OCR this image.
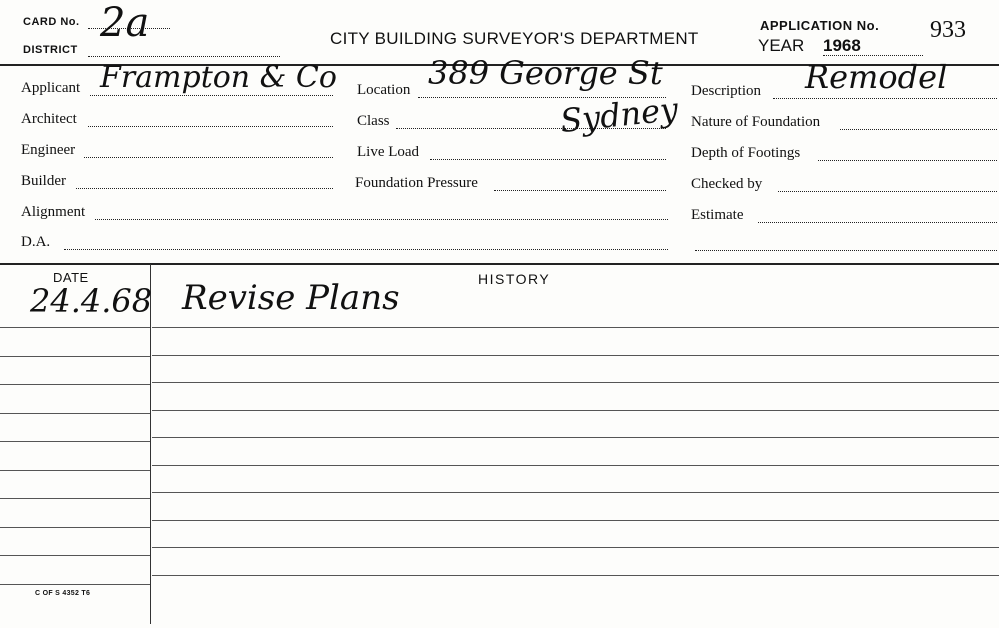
CARD No. 2a
DISTRICT
CITY BUILDING SURVEYOR'S DEPARTMENT
APPLICATION No. 933
YEAR 1968
Applicant Frampton & Co
Architect
Engineer
Builder
Alignment
D.A.
Location 389 George St
Sydney
Class
Live Load
Foundation Pressure
Description Remodel
Nature of Foundation
Depth of Footings
Checked by
Estimate
DATE	HISTORY
24.4.68 Revise Plans
C OF S 4352 T6
